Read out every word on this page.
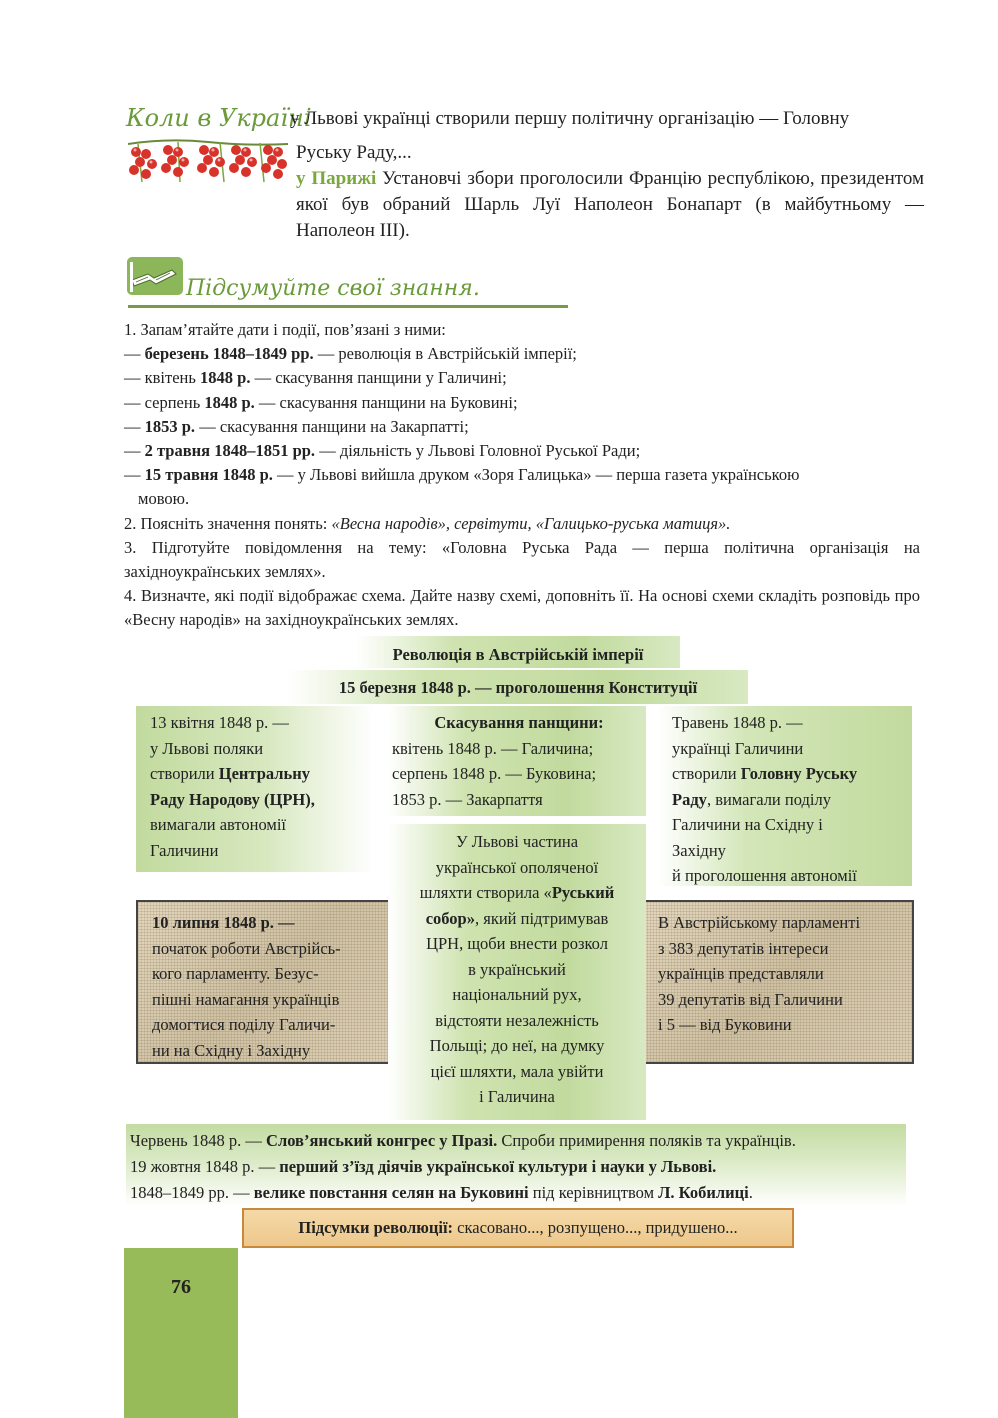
Коли в Україні
у Львові українці створили першу політичну організацію — Головну
Руську Раду,...
у Парижі Установчі збори проголосили Францію республікою, президентом якої був обраний Шарль Луї Наполеон Бонапарт (в майбутньому — Наполеон ІІІ).
Підсумуйте свої знання.

1. Запам’ятайте дати і події, пов’язані з ними:

— березень 1848–1849 рр. — революція в Австрійській імперії;

— квітень 1848 р. — скасування панщини у Галичині;

— серпень 1848 р. — скасування панщини на Буковині;

— 1853 р. — скасування панщини на Закарпатті;

— 2 травня 1848–1851 рр. — діяльність у Львові Головної Руської Ради;

— 15 травня 1848 р. — у Львові вийшла друком «Зоря Галицька» — перша газета українською

мовою.

2. Поясніть значення понять: «Весна народів», сервітути, «Галицько-руська матиця».

3. Підготуйте повідомлення на тему: «Головна Руська Рада — перша політична організація на західноукраїнських землях».

4. Визначте, які події відображає схема. Дайте назву схемі, доповніть її. На основі схеми складіть розповідь про «Весну народів» на західноукраїнських землях.

Революція в Австрійській імперії
15 березня 1848 р. — проголошення Конституції
13 квітня 1848 р. —
у Львові поляки
створили Центральну
Раду Народову (ЦРН),
вимагали автономії
Галичини
Скасування панщини:
квітень 1848 р. — Галичина;
серпень 1848 р. — Буковина;
1853 р. — Закарпаття
Травень 1848 р. —
українці Галичини
створили Головну Руську
Раду, вимагали поділу
Галичини на Східну і
Західну
й проголошення автономії
10 липня 1848 р. —
початок роботи Австрійсь-
кого парламенту. Безус-
пішні намагання українців
домогтися поділу Галичи-
ни на Східну і Західну
В Австрійському парламенті
з 383 депутатів інтереси
українців представляли
39 депутатів від Галичини
і 5 — від Буковини
У Львові частина
української ополяченої
шляхти створила «Руський
собор», який підтримував
ЦРН, щоби внести розкол
в український
національний рух,
відстояти незалежність
Польщі; до неї, на думку
цієї шляхти, мала увійти
і Галичина
Червень 1848 р. — Слов’янський конгрес у Празі. Спроби примирення поляків та українців.
19 жовтня 1848 р. — перший з’їзд діячів української культури і науки у Львові.
1848–1849 рр. — велике повстання селян на Буковині під керівництвом Л. Кобилиці.
Підсумки революції: скасовано..., розпущено..., придушено...
76
